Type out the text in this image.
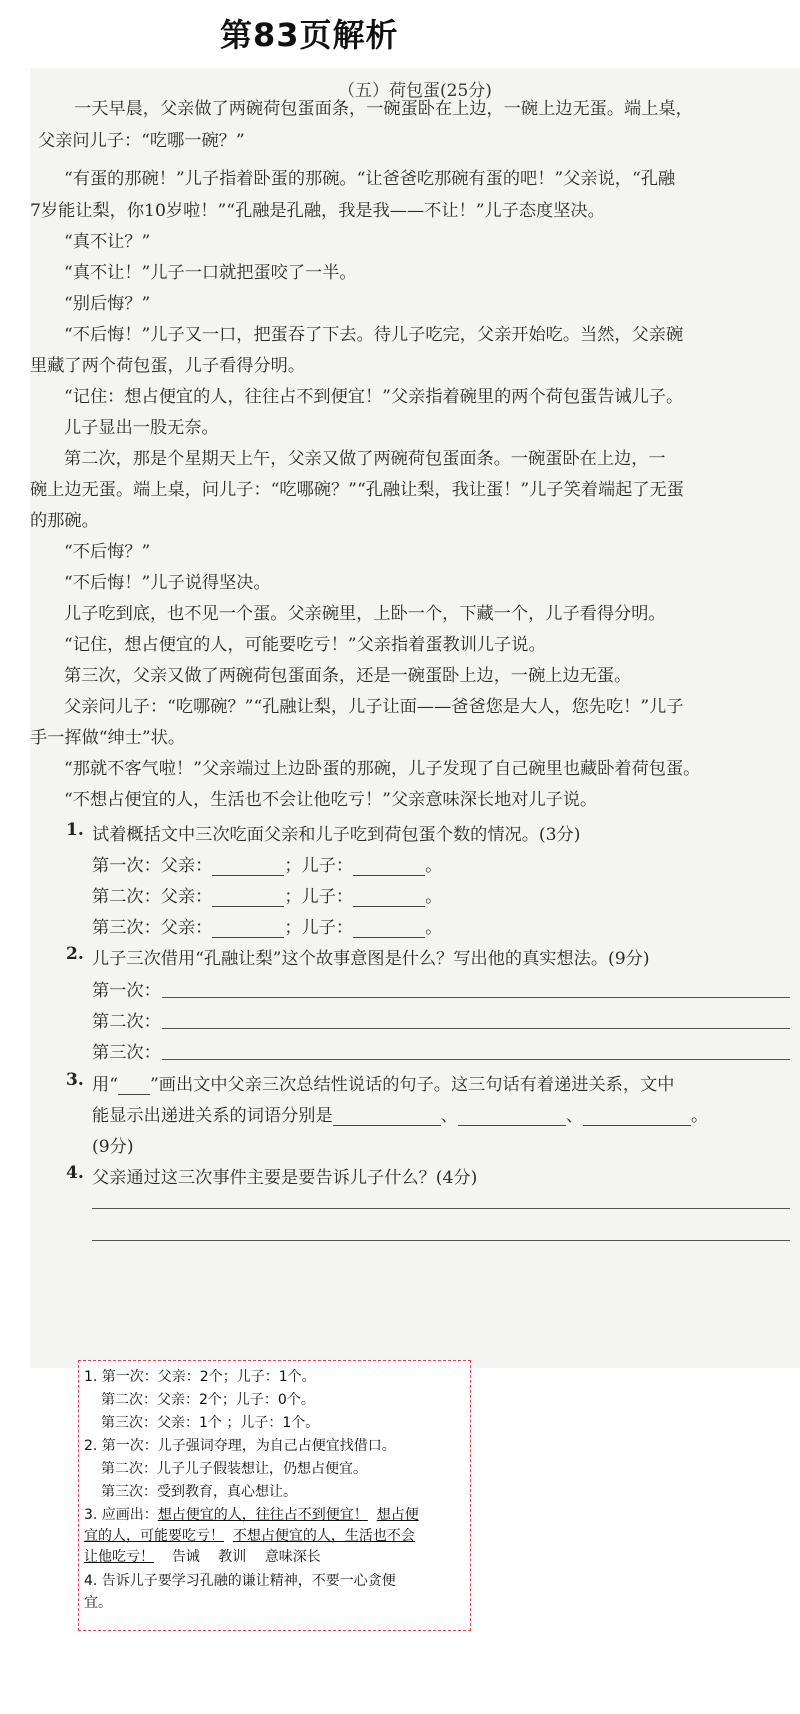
第83页解析
（五）荷包蛋(25分)
一天早晨，父亲做了两碗荷包蛋面条，一碗蛋卧在上边，一碗上边无蛋。端上桌，
父亲问儿子：“吃哪一碗？”
“有蛋的那碗！”儿子指着卧蛋的那碗。“让爸爸吃那碗有蛋的吧！”父亲说，“孔融
7岁能让梨，你10岁啦！”“孔融是孔融，我是我——不让！”儿子态度坚决。
“真不让？”
“真不让！”儿子一口就把蛋咬了一半。
“别后悔？”
“不后悔！”儿子又一口，把蛋吞了下去。待儿子吃完，父亲开始吃。当然，父亲碗
里藏了两个荷包蛋，儿子看得分明。
“记住：想占便宜的人，往往占不到便宜！”父亲指着碗里的两个荷包蛋告诫儿子。
儿子显出一股无奈。
第二次，那是个星期天上午，父亲又做了两碗荷包蛋面条。一碗蛋卧在上边，一
碗上边无蛋。端上桌，问儿子：“吃哪碗？”“孔融让梨，我让蛋！”儿子笑着端起了无蛋
的那碗。
“不后悔？”
“不后悔！”儿子说得坚决。
儿子吃到底，也不见一个蛋。父亲碗里，上卧一个，下藏一个，儿子看得分明。
“记住，想占便宜的人，可能要吃亏！”父亲指着蛋教训儿子说。
第三次，父亲又做了两碗荷包蛋面条，还是一碗蛋卧上边，一碗上边无蛋。
父亲问儿子：“吃哪碗？”“孔融让梨，儿子让面——爸爸您是大人，您先吃！”儿子
手一挥做“绅士”状。
“那就不客气啦！”父亲端过上边卧蛋的那碗，儿子发现了自己碗里也藏卧着荷包蛋。
“不想占便宜的人，生活也不会让他吃亏！”父亲意味深长地对儿子说。
1. 试着概括文中三次吃面父亲和儿子吃到荷包蛋个数的情况。(3分)
第一次：父亲：	；儿子：	。
第二次：父亲：	；儿子：	。
第三次：父亲：	；儿子：	。
2. 儿子三次借用“孔融让梨”这个故事意图是什么？写出他的真实想法。(9分)
第一次：
第二次：
第三次：
3. 用“ ”画出文中父亲三次总结性说话的句子。这三句话有着递进关系，文中
能显示出递进关系的词语分别是	、	、	。
(9分)
4. 父亲通过这三次事件主要是要告诉儿子什么？(4分)
1. 第一次：父亲：2个；儿子：1个。
第二次：父亲：2个；儿子：0个。
第三次：父亲：1个 ；儿子：1个。
2. 第一次：儿子强词夺理，为自己占便宜找借口。
第二次：儿子儿子假装想让，仍想占便宜。
第三次：受到教育，真心想让。
3. 应画出：想占便宜的人，往往占不到便宜！ 想占便
宜的人，可能要吃亏！ 不想占便宜的人，生活也不会
让他吃亏！ 告诫　 教训　 意味深长
4. 告诉儿子要学习孔融的谦让精神，不要一心贪便
宜。
